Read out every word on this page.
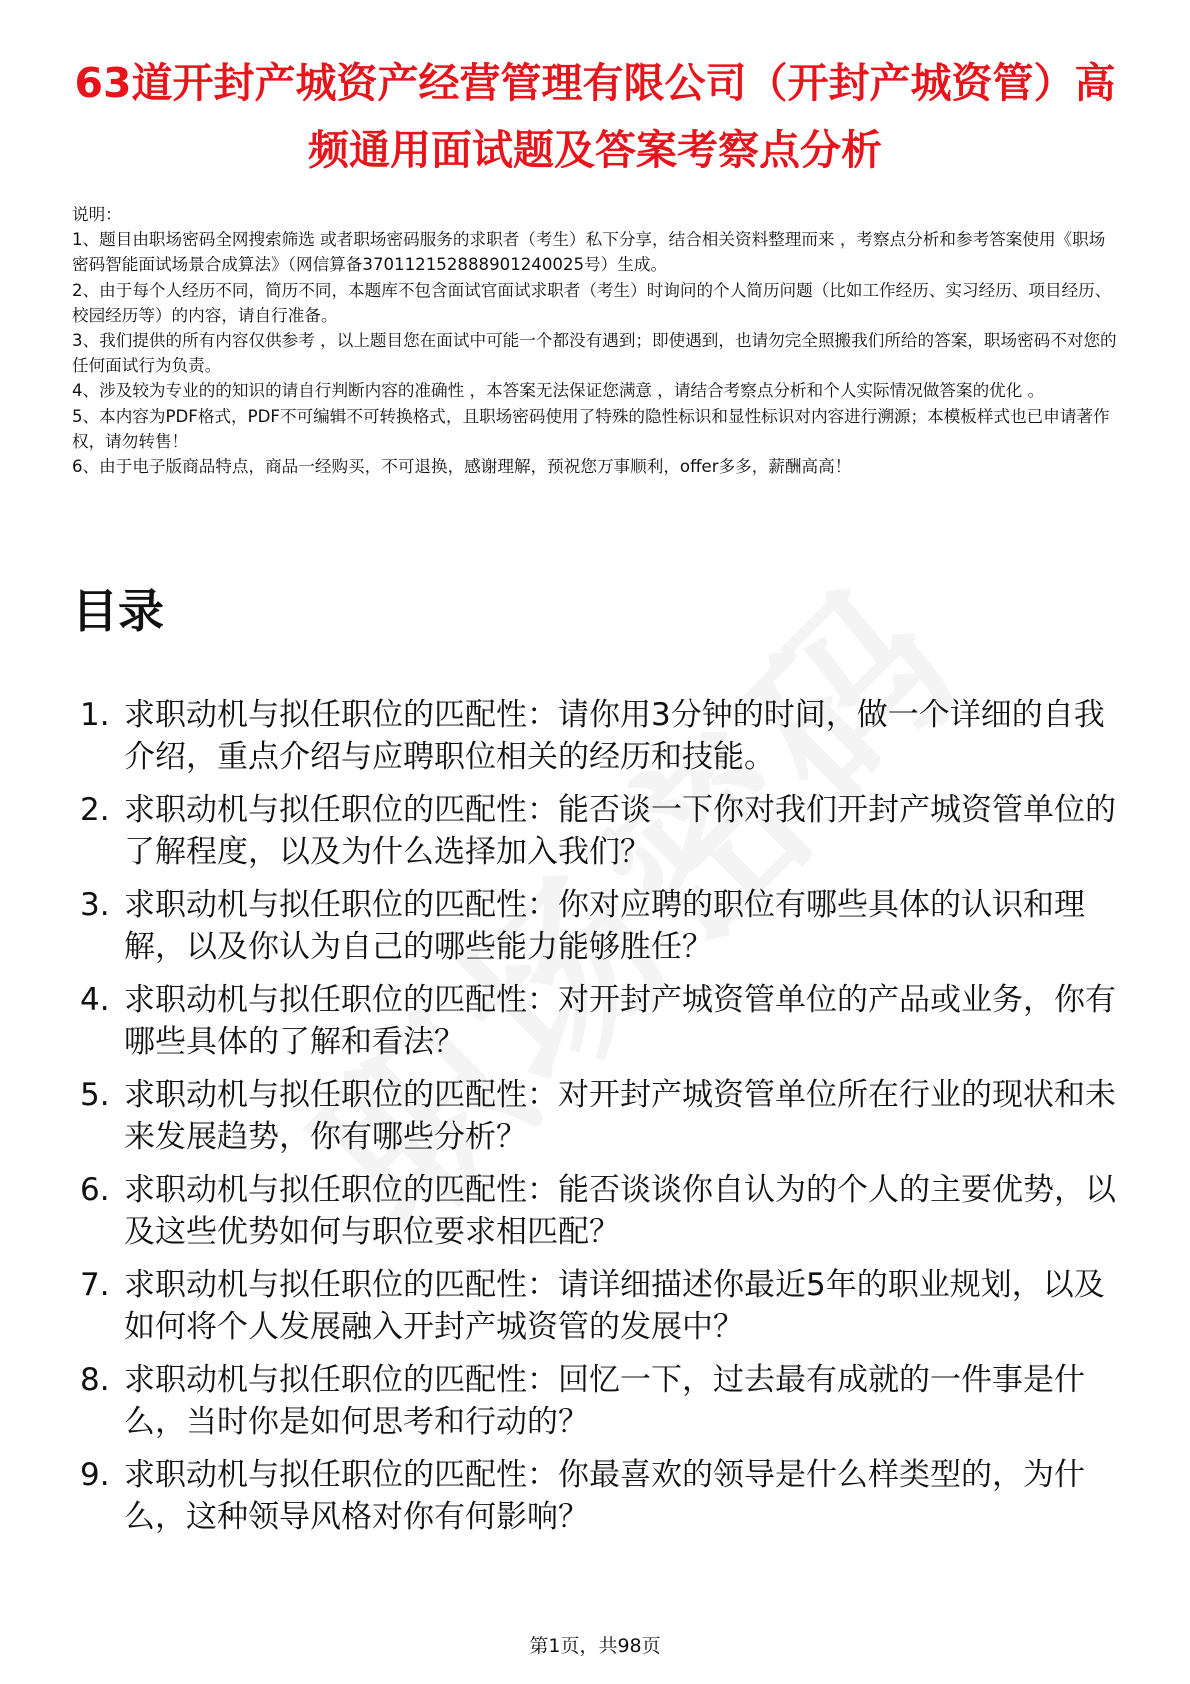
63道开封产城资产经营管理有限公司（开封产城资管）高频通用面试题及答案考察点分析
说明：
1、题目由职场密码全网搜索筛选 或者职场密码服务的求职者（考生）私下分享，结合相关资料整理而来 ，考察点分析和参考答案使用《职场密码智能面试场景合成算法》（网信算备370112152888901240025号）生成。
2、由于每个人经历不同，简历不同，本题库不包含面试官面试求职者（考生）时询问的个人简历问题（比如工作经历、实习经历、项目经历、校园经历等）的内容，请自行准备。
3、我们提供的所有内容仅供参考 ，以上题目您在面试中可能一个都没有遇到；即使遇到，也请勿完全照搬我们所给的答案，职场密码不对您的任何面试行为负责。
4、涉及较为专业的的知识的请自行判断内容的准确性 ，本答案无法保证您满意 ，请结合考察点分析和个人实际情况做答案的优化 。
5、本内容为PDF格式，PDF不可编辑不可转换格式，且职场密码使用了特殊的隐性标识和显性标识对内容进行溯源；本模板样式也已申请著作权，请勿转售！
6、由于电子版商品特点，商品一经购买，不可退换，感谢理解，预祝您万事顺利，offer多多，薪酬高高！
目录
1. 求职动机与拟任职位的匹配性：请你用3分钟的时间，做一个详细的自我介绍，重点介绍与应聘职位相关的经历和技能。
2. 求职动机与拟任职位的匹配性：能否谈一下你对我们开封产城资管单位的了解程度，以及为什么选择加入我们？
3. 求职动机与拟任职位的匹配性：你对应聘的职位有哪些具体的认识和理解，以及你认为自己的哪些能力能够胜任？
4. 求职动机与拟任职位的匹配性：对开封产城资管单位的产品或业务，你有哪些具体的了解和看法？
5. 求职动机与拟任职位的匹配性：对开封产城资管单位所在行业的现状和未来发展趋势，你有哪些分析？
6. 求职动机与拟任职位的匹配性：能否谈谈你自认为的个人的主要优势，以及这些优势如何与职位要求相匹配？
7. 求职动机与拟任职位的匹配性：请详细描述你最近5年的职业规划，以及如何将个人发展融入开封产城资管的发展中？
8. 求职动机与拟任职位的匹配性：回忆一下，过去最有成就的一件事是什么，当时你是如何思考和行动的？
9. 求职动机与拟任职位的匹配性：你最喜欢的领导是什么样类型的，为什么，这种领导风格对你有何影响？
第1页，共98页
